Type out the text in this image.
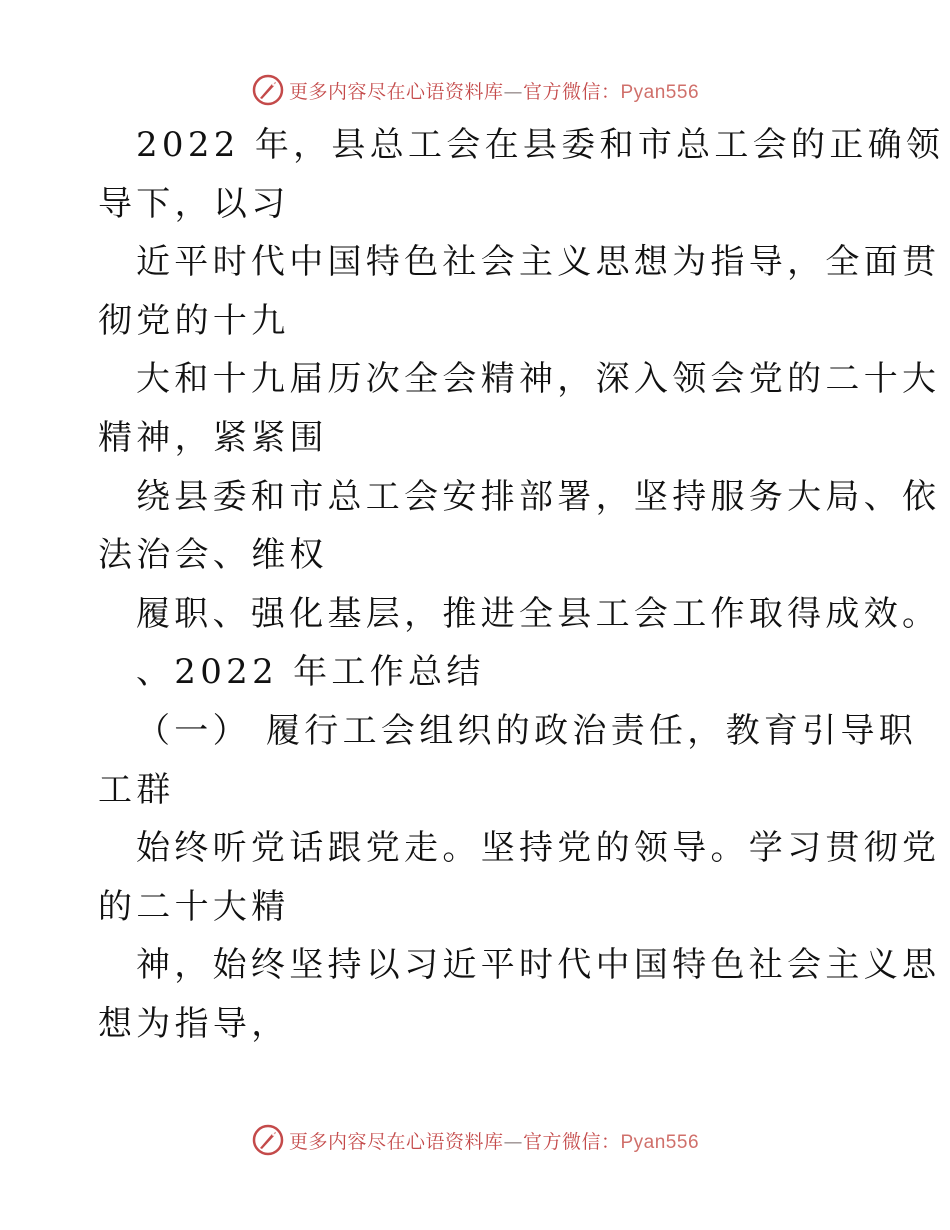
更多内容尽在心语资料库—官方微信：Pyan556
2022 年，县总工会在县委和市总工会的正确领
导下，以习
近平时代中国特色社会主义思想为指导，全面贯
彻党的十九
大和十九届历次全会精神，深入领会党的二十大
精神，紧紧围
绕县委和市总工会安排部署，坚持服务大局、依
法治会、维权
履职、强化基层，推进全县工会工作取得成效。
、2022 年工作总结
（一） 履行工会组织的政治责任，教育引导职
工群
始终听党话跟党走。坚持党的领导。学习贯彻党
的二十大精
神，始终坚持以习近平时代中国特色社会主义思
想为指导，
更多内容尽在心语资料库—官方微信：Pyan556
